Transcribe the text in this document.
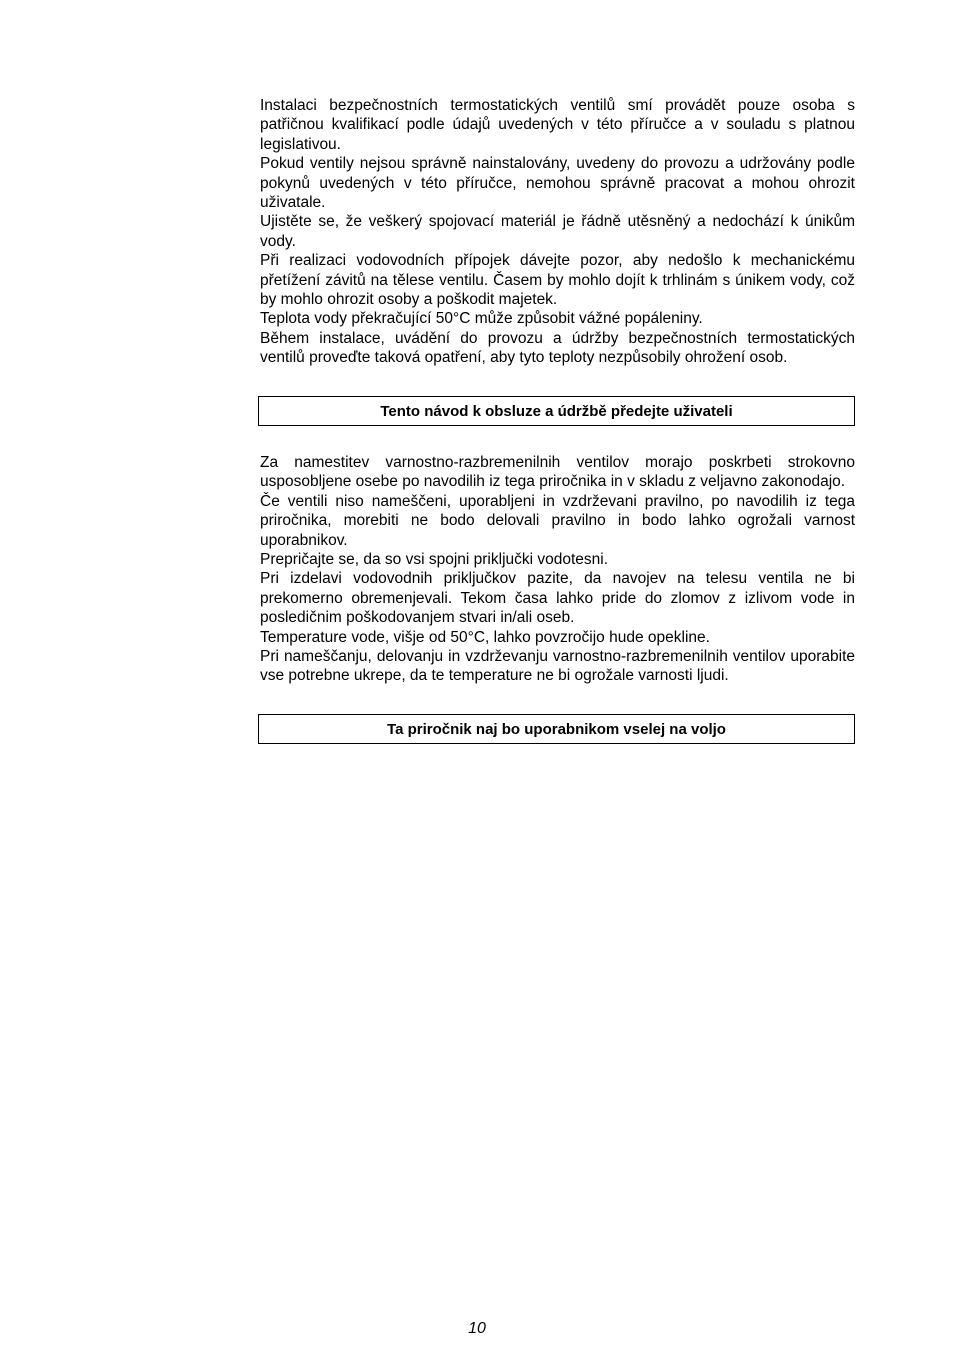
Instalaci bezpečnostních termostatických ventilů smí provádět pouze osoba s patřičnou kvalifikací podle údajů uvedených v této příručce a v souladu s platnou legislativou.

Pokud ventily nejsou správně nainstalovány, uvedeny do provozu a udržovány podle pokynů uvedených v této příručce, nemohou správně pracovat a mohou ohrozit uživatale.

Ujistěte se, že veškerý spojovací materiál je řádně utěsněný a nedochází k únikům vody.

Při realizaci vodovodních přípojek dávejte pozor, aby nedošlo k mechanickému přetížení závitů na tělese ventilu. Časem by mohlo dojít k trhlinám s únikem vody, což by mohlo ohrozit osoby a poškodit majetek.

Teplota vody překračující 50°C může způsobit vážné popáleniny.

Během instalace, uvádění do provozu a údržby bezpečnostních termostatických ventilů proveďte taková opatření, aby tyto teploty nezpůsobily ohrožení osob.

Tento návod k obsluze a údržbě předejte uživateli

Za namestitev varnostno-razbremenilnih ventilov morajo poskrbeti strokovno usposobljene osebe po navodilih iz tega priročnika in v skladu z veljavno zakonodajo.

Če ventili niso nameščeni, uporabljeni in vzdrževani pravilno, po navodilih iz tega priročnika, morebiti ne bodo delovali pravilno in bodo lahko ogrožali varnost uporabnikov.

Prepričajte se, da so vsi spojni priključki vodotesni.

Pri izdelavi vodovodnih priključkov pazite, da navojev na telesu ventila ne bi prekomerno obremenjevali. Tekom časa lahko pride do zlomov z izlivom vode in posledičnim poškodovanjem stvari in/ali oseb.

Temperature vode, višje od 50°C, lahko povzročijo hude opekline.

Pri nameščanju, delovanju in vzdrževanju varnostno-razbremenilnih ventilov uporabite vse potrebne ukrepe, da te temperature ne bi ogrožale varnosti ljudi.

Ta priročnik naj bo uporabnikom vselej na voljo
10
